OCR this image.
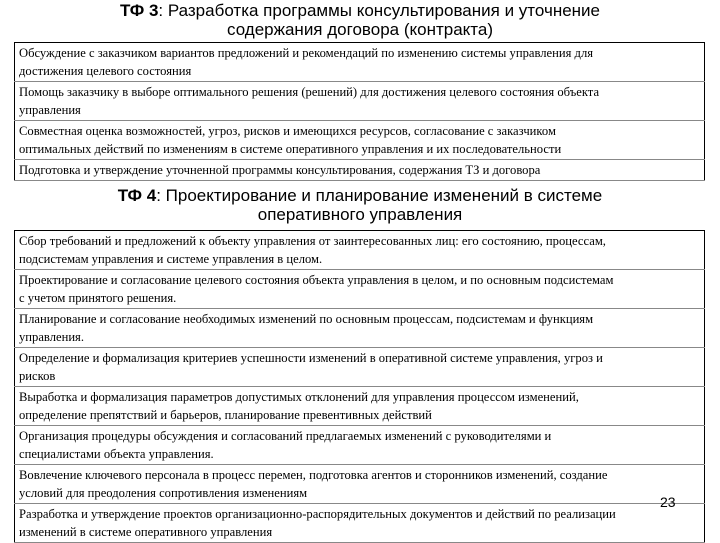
ТФ 3: Разработка программы консультирования и уточнение
содержания договора (контракта)
Обсуждение с заказчиком вариантов предложений и рекомендаций по изменению системы управления для
достижения целевого состояния

Помощь заказчику в выборе оптимального решения (решений) для достижения целевого состояния объекта
управления

Совместная оценка возможностей, угроз, рисков и имеющихся ресурсов, согласование с заказчиком
оптимальных действий по изменениям в системе оперативного управления и их последовательности

Подготовка и утверждение уточненной программы консультирования, содержания ТЗ и договора
ТФ 4: Проектирование и планирование изменений в системе
оперативного управления
Сбор требований и предложений к объекту управления от заинтересованных лиц: его состоянию, процессам,
подсистемам управления и системе управления в целом.

Проектирование и согласование целевого состояния объекта управления в целом, и по основным подсистемам
с учетом принятого решения.

Планирование и согласование необходимых изменений по основным процессам, подсистемам и функциям
управления.

Определение и формализация критериев успешности изменений в оперативной системе управления, угроз и
рисков

Выработка и формализация параметров допустимых отклонений для управления процессом изменений,
определение препятствий и барьеров, планирование превентивных действий

Организация процедуры обсуждения и согласований предлагаемых изменений с руководителями и
специалистами объекта управления.

Вовлечение ключевого персонала в процесс перемен, подготовка агентов и сторонников изменений, создание
условий для преодоления сопротивления изменениям

Разработка и утверждение проектов организационно-распорядительных документов и действий по реализации
изменений в системе оперативного управления
23
